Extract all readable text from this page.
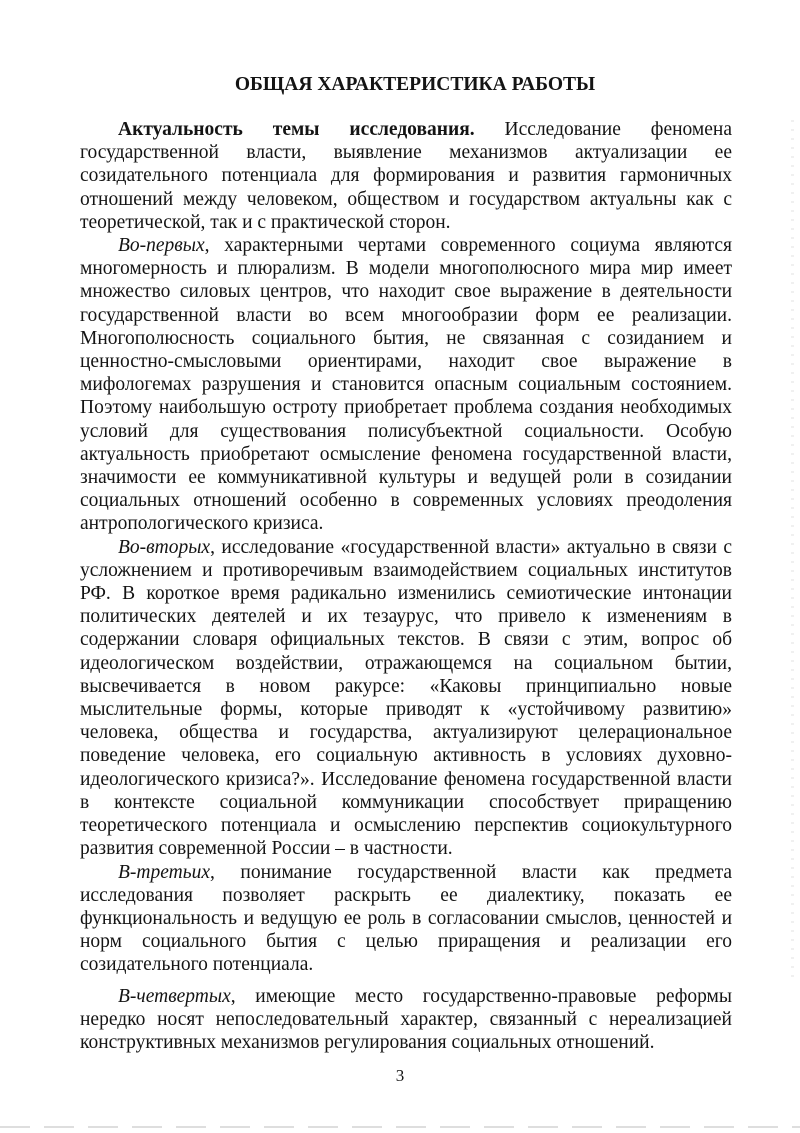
ОБЩАЯ ХАРАКТЕРИСТИКА РАБОТЫ

Актуальность темы исследования. Исследование феномена государственной власти, выявление механизмов актуализации ее созидательного потенциала для формирования и развития гармоничных отношений между человеком, обществом и государством актуальны как с теоретической, так и с практической сторон.

Во-первых, характерными чертами современного социума являются многомерность и плюрализм. В модели многополюсного мира мир имеет множество силовых центров, что находит свое выражение в деятельности государственной власти во всем многообразии форм ее реализации. Многополюсность социального бытия, не связанная с созиданием и ценностно-смысловыми ориентирами, находит свое выражение в мифологемах разрушения и становится опасным социальным состоянием. Поэтому наибольшую остроту приобретает проблема создания необходимых условий для существования полисубъектной социальности. Особую актуальность приобретают осмысление феномена государственной власти, значимости ее коммуникативной культуры и ведущей роли в созидании социальных отношений особенно в современных условиях преодоления антропологического кризиса.

Во-вторых, исследование «государственной власти» актуально в связи с усложнением и противоречивым взаимодействием социальных институтов РФ. В короткое время радикально изменились семиотические интонации политических деятелей и их тезаурус, что привело к изменениям в содержании словаря официальных текстов. В связи с этим, вопрос об идеологическом воздействии, отражающемся на социальном бытии, высвечивается в новом ракурсе: «Каковы принципиально новые мыслительные формы, которые приводят к «устойчивому развитию» человека, общества и государства, актуализируют целерациональное поведение человека, его социальную активность в условиях духовно-идеологического кризиса?». Исследование феномена государственной власти в контексте социальной коммуникации способствует приращению теоретического потенциала и осмыслению перспектив социокультурного развития современной России – в частности.

В-третьих, понимание государственной власти как предмета исследования позволяет раскрыть ее диалектику, показать ее функциональность и ведущую ее роль в согласовании смыслов, ценностей и норм социального бытия с целью приращения и реализации его созидательного потенциала.

В-четвертых, имеющие место государственно-правовые реформы нередко носят непоследовательный характер, связанный с нереализацией конструктивных механизмов регулирования социальных отношений.

3
